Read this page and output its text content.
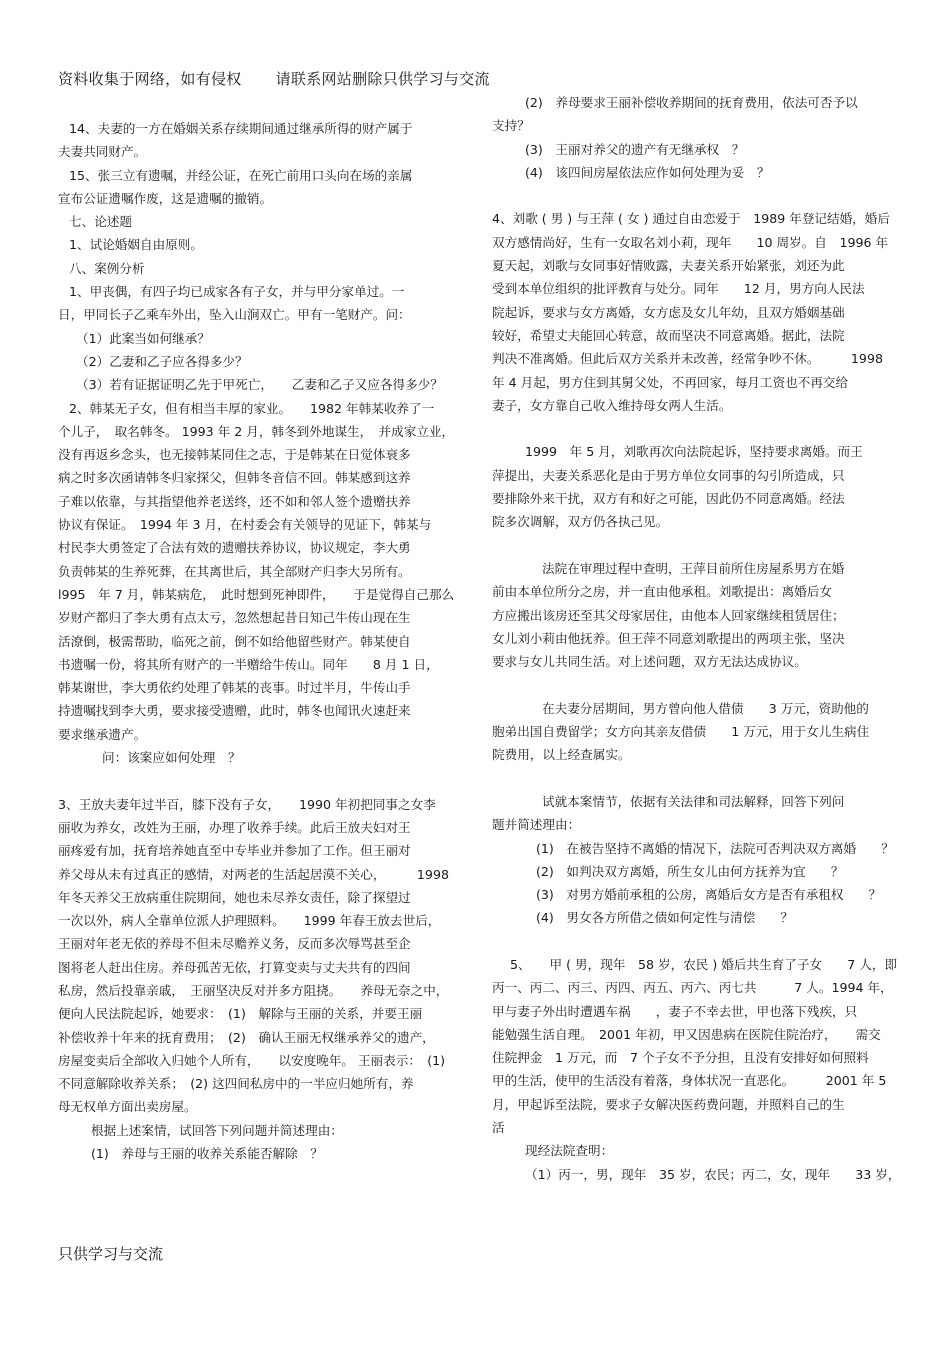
资料收集于网络，如有侵权 请联系网站删除只供学习与交流
14、夫妻的一方在婚姻关系存续期间通过继承所得的财产属于
夫妻共同财产。
15、张三立有遗嘱，并经公证，在死亡前用口头向在场的亲属
宣布公证遗嘱作废，这是遗嘱的撤销。
七、论述题
1、试论婚姻自由原则。
八、案例分析
1、甲丧偶，有四子均已成家各有子女，并与甲分家单过。一
日，甲同长子乙乘车外出，坠入山涧双亡。甲有一笔财产。问：
（1）此案当如何继承？
（2）乙妻和乙子应各得多少？
（3）若有证据证明乙先于甲死亡，　　乙妻和乙子又应各得多少？
2、韩某无子女，但有相当丰厚的家业。　　1982 年韩某收养了一
个儿子，　取名韩冬。 1993 年 2 月，韩冬到外地谋生，　并成家立业，
没有再返乡念头，也无接韩某同住之志，于是韩某在日觉体衰多
病之时多次函请韩冬归家探父，但韩冬音信不回。韩某感到这养
子难以依靠，与其指望他养老送终，还不如和邻人签个遗赠扶养
协议有保证。　1994 年 3 月，在村委会有关领导的见证下，韩某与
村民李大勇签定了合法有效的遗赠扶养协议，协议规定，李大勇
负责韩某的生养死葬，在其离世后，其全部财产归李大另所有。
l995　年 7 月，韩某病危，　此时想到死神即件，　　于是觉得自己那么
岁财产都归了李大勇有点太亏，忽然想起昔日知己牛传山现在生
活潦倒，极需帮助，临死之前，倒不如给他留些财产。韩某使自
书遗嘱一份，将其所有财产的一半赠给牛传山。同年　　8 月 1 日，
韩某谢世，李大勇依约处理了韩某的丧事。时过半月，牛传山手
持遗嘱找到李大勇，要求接受遗赠，此时，韩冬也闻讯火速赶来
要求继承遗产。
问：该案应如何处理　？
3、王放夫妻年过半百，膝下没有子女，　　1990 年初把同事之女李
丽收为养女，改姓为王丽，办理了收养手续。此后王放夫妇对王
丽疼爱有加，抚育培养她直至中专毕业并参加了工作。但王丽对
养父母从未有过真正的感情，对两老的生活起居漠不关心，　　　1998
年冬天养父王放病重住院期间，她也未尽养女责任，除了探望过
一次以外，病人全靠单位派人护理照料。　　1999 年春王放去世后，
王丽对年老无依的养母不但未尽赡养义务，反而多次辱骂甚至企
图将老人赶出住房。养母孤苦无依，打算变卖与丈夫共有的四间
私房，然后投靠亲戚，　王丽坚决反对并多方阻挠。　　养母无奈之中，
便向人民法院起诉，她要求：　(1)　解除与王丽的关系，并要王丽
补偿收养十年来的抚育费用；　(2)　确认王丽无权继承养父的遗产，
房屋变卖后全部收入归她个人所有，　　以安度晚年。 王丽表示：　(1)
不同意解除收养关系；　(2) 这四间私房中的一半应归她所有，养
母无权单方面出卖房屋。
根据上述案情，试回答下列问题并简述理由：
(1)　养母与王丽的收养关系能否解除　？
(2)　养母要求王丽补偿收养期间的抚育费用，依法可否予以
支持？
(3)　王丽对养父的遗产有无继承权　？
(4)　该四间房屋依法应作如何处理为妥　？
4、刘歌 ( 男 ) 与王萍 ( 女 ) 通过自由恋爱于　1989 年登记结婚，婚后
双方感情尚好，生有一女取名刘小莉，现年　　10 周岁。自　1996 年
夏天起，刘歌与女同事好情败露，夫妻关系开始紧张，刘还为此
受到本单位组织的批评教育与处分。同年　　12 月，男方向人民法
院起诉，要求与女方离婚，女方虑及女儿年幼，且双方婚姻基础
较好，希望丈夫能回心转意，故而坚决不同意离婚。据此，法院
判决不准离婚。但此后双方关系并未改善，经常争吵不休。　　　1998
年 4 月起，男方住到其舅父处，不再回家，每月工资也不再交给
妻子，女方靠自己收入维持母女两人生活。
1999　年 5 月，刘歌再次向法院起诉，坚持要求离婚。而王
萍提出，夫妻关系恶化是由于男方单位女同事的勾引所造成，只
要排除外来干扰，双方有和好之可能，因此仍不同意离婚。经法
院多次调解，双方仍各执己见。
法院在审理过程中查明，王萍目前所住房屋系男方在婚
前由本单位所分之房，并一直由他承租。刘歌提出：离婚后女
方应搬出该房还至其父母家居住，由他本人回家继续租赁居住；
女儿刘小莉由他抚养。但王萍不同意刘歌提出的两项主张，坚决
要求与女儿共同生活。对上述问题，双方无法达成协议。
在夫妻分居期间，男方曾向他人借债　　3 万元，资助他的
胞弟出国自费留学；女方向其亲友借债　　1 万元，用于女儿生病住
院费用，以上经查属实。
试就本案情节，依据有关法律和司法解释，回答下列问
题并简述理由：
(1)　在被告坚持不离婚的情况下，法院可否判决双方离婚　　？
(2)　如判决双方离婚，所生女儿由何方抚养为宜　　？
(3)　对男方婚前承租的公房，离婚后女方是否有承租权　　？
(4)　男女各方所借之债如何定性与清偿　　？
5、　　甲 ( 男，现年　58 岁，农民 ) 婚后共生育了子女　　7 人，即
丙一、丙二、丙三、丙四、丙五、丙六、丙七共　　　7 人。1994 年，
甲与妻子外出时遭遇车祸　　，妻子不幸去世，甲也落下残疾，只
能勉强生活自理。　2001 年初，甲又因患病在医院住院治疗，　　需交
住院押金　1 万元，而　7 个子女不予分担，且没有安排好如何照料
甲的生活，使甲的生活没有着落，身体状况一直恶化。　　　2001 年 5
月，甲起诉至法院，要求子女解决医药费问题，并照料自己的生
活
现经法院查明：
（1）丙一，男，现年　35 岁，农民；丙二，女，现年　　33 岁，
只供学习与交流
